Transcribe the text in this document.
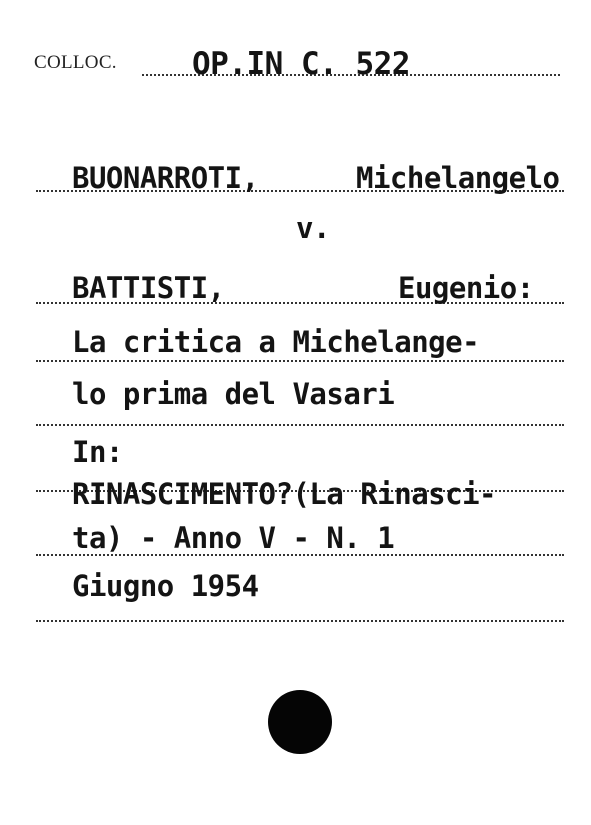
COLLOC. OP.IN C. 522
BUONARROTI,	Michelangelo
v.
BATTISTI,	Eugenio:
La critica a Michelange-
lo prima del Vasari
In:
RINASCIMENTO?(La Rinasci-
ta) - Anno V - N. 1
Giugno 1954
